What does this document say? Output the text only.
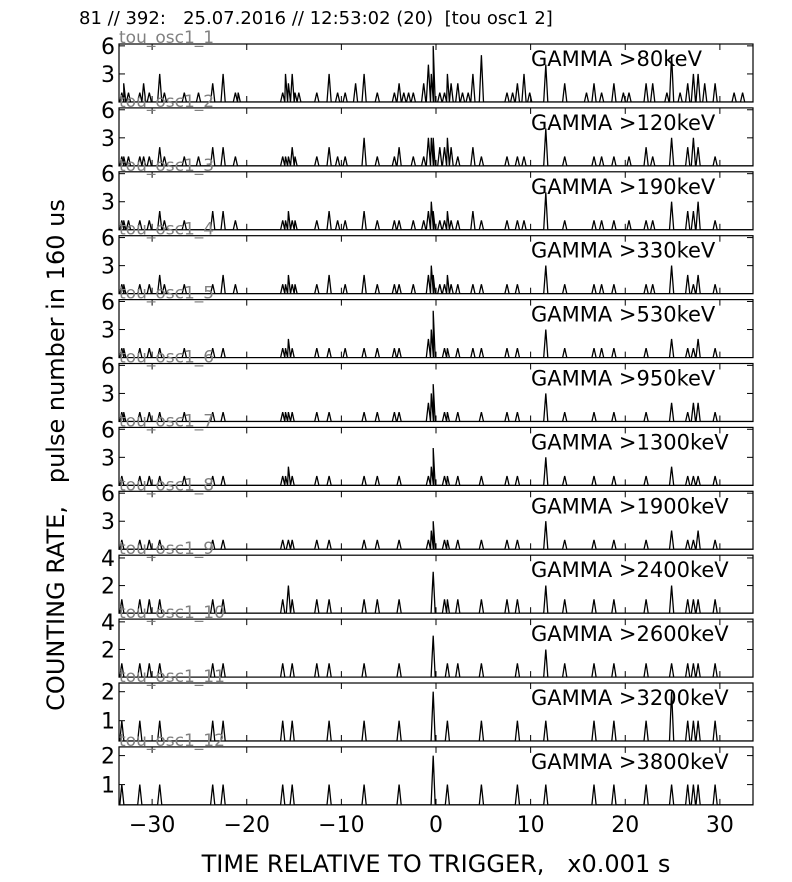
81 // 392:   25.07.2016 // 12:53:02 (20)  [tou osc1 2]
COUNTING RATE,   pulse number in 160 us
TIME RELATIVE TO TRIGGER,   x0.001 s
3
6	GAMMA >80keV
tou_osc1_1
3
6	GAMMA >120keV
tou_osc1_2
3
6	GAMMA >190keV
tou_osc1_3
3
6	GAMMA >330keV
tou_osc1_4
3
6	GAMMA >530keV
tou_osc1_5
3
6	GAMMA >950keV
tou_osc1_6
3
6	GAMMA >1300keV
tou_osc1_7
3
6	GAMMA >1900keV
tou_osc1_8
2
4	GAMMA >2400keV
tou_osc1_9
2
4	GAMMA >2600keV
tou_osc1_10
1
2	GAMMA >3200keV
tou_osc1_11
1
2	GAMMA >3800keV
tou_osc1_12
−30 −20 −10	0	10	20	30
